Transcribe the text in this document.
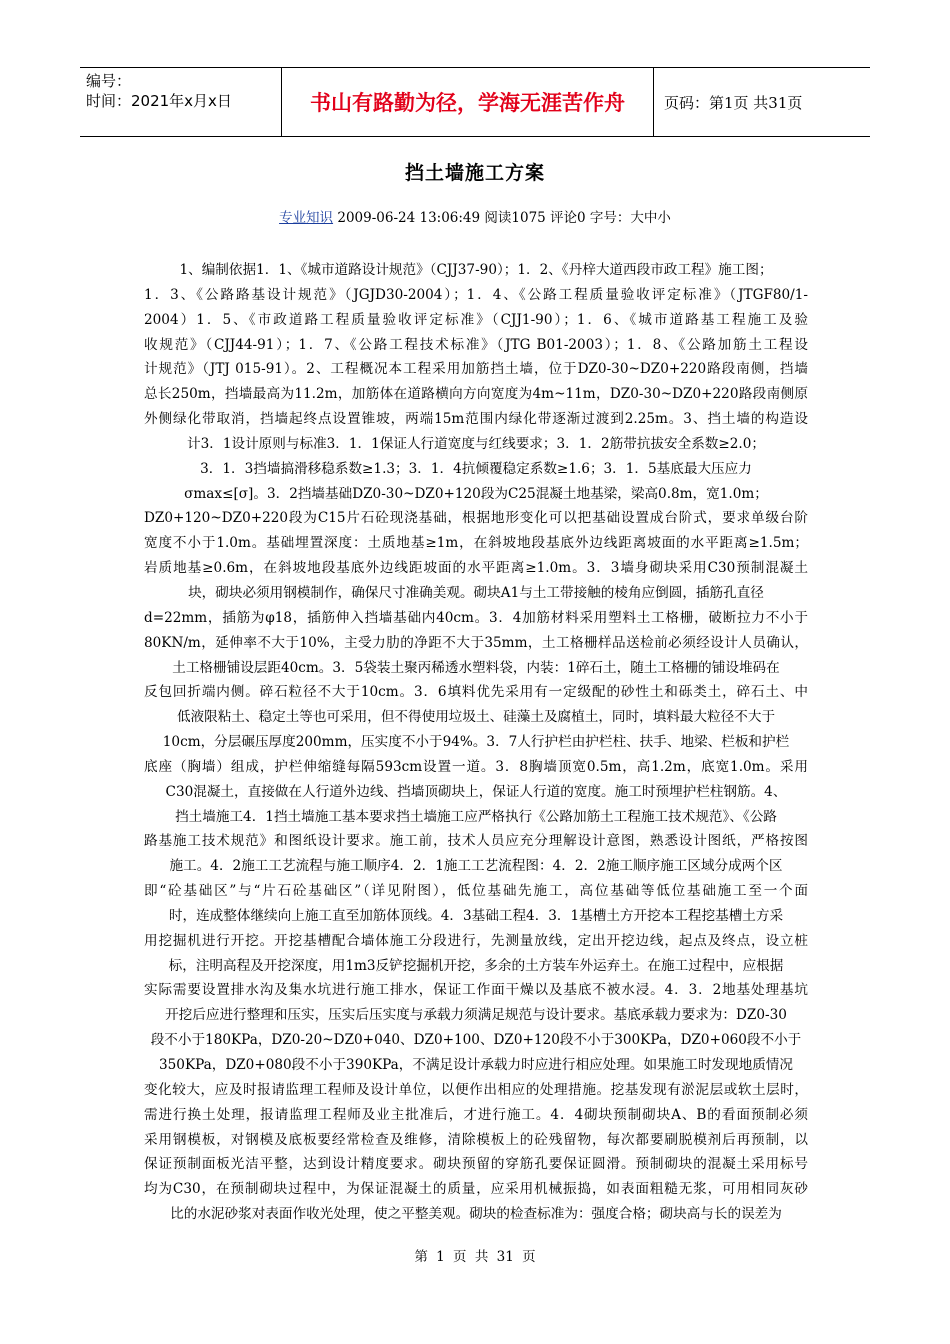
编号：
时间：2021年x月x日	书山有路勤为径，学海无涯苦作舟	页码：第1页 共31页
挡土墙施工方案
专业知识 2009-06-24 13:06:49 阅读1075 评论0 字号：大中小
1、编制依据1．1、《城市道路设计规范》（CJJ37-90）；1．2、《丹梓大道西段市政工程》施工图；
1．3、《公路路基设计规范》（JGJD30-2004）；1．4、《公路工程质量验收评定标准》（JTGF80/1-
2004）1．5、《市政道路工程质量验收评定标准》（CJJ1-90）；1．6、《城市道路基工程施工及验
收规范》（CJJ44-91）；1．7、《公路工程技术标准》（JTG B01-2003）；1．8、《公路加筋土工程设
计规范》（JTJ 015-91）。2、工程概况本工程采用加筋挡土墙，位于DZ0-30~DZ0+220路段南侧，挡墙
总长250m，挡墙最高为11.2m，加筋体在道路横向方向宽度为4m~11m，DZ0-30~DZ0+220路段南侧原
外侧绿化带取消，挡墙起终点设置锥坡，两端15m范围内绿化带逐渐过渡到2.25m。3、挡土墙的构造设
计3．1设计原则与标准3．1．1保证人行道宽度与红线要求；3．1．2筋带抗拔安全系数≥2.0；
3．1．3挡墙搞滑移稳系数≥1.3；3．1．4抗倾覆稳定系数≥1.6；3．1．5基底最大压应力
σmax≤[σ]。3．2挡墙基础DZ0-30~DZ0+120段为C25混凝土地基梁，梁高0.8m，宽1.0m；
DZ0+120~DZ0+220段为C15片石砼现浇基础，根据地形变化可以把基础设置成台阶式，要求单级台阶
宽度不小于1.0m。基础埋置深度：土质地基≥1m，在斜坡地段基底外边线距离坡面的水平距离≥1.5m；
岩质地基≥0.6m，在斜坡地段基底外边线距坡面的水平距离≥1.0m。3．3墙身砌块采用C30预制混凝土
块，砌块必须用钢模制作，确保尺寸准确美观。砌块A1与土工带接触的棱角应倒圆，插筋孔直径
d=22mm，插筋为φ18，插筋伸入挡墙基础内40cm。3．4加筋材料采用塑料土工格栅，破断拉力不小于
80KN/m，延伸率不大于10%，主受力肋的净距不大于35mm，土工格栅样品送检前必须经设计人员确认，
土工格栅铺设层距40cm。3．5袋装土聚丙稀透水塑料袋，内装：1碎石土，随土工格栅的铺设堆码在
反包回折端内侧。碎石粒径不大于10cm。3．6填料优先采用有一定级配的砂性土和砾类土，碎石土、中
低液限粘土、稳定土等也可采用，但不得使用垃圾土、硅藻土及腐植土，同时，填料最大粒径不大于
10cm，分层碾压厚度200mm，压实度不小于94%。3．7人行护栏由护栏柱、扶手、地梁、栏板和护栏
底座（胸墙）组成，护栏伸缩缝每隔593cm设置一道。3．8胸墙顶宽0.5m，高1.2m，底宽1.0m。采用
C30混凝土，直接做在人行道外边线、挡墙顶砌块上，保证人行道的宽度。施工时预埋护栏柱钢筋。4、
挡土墙施工4．1挡土墙施工基本要求挡土墙施工应严格执行《公路加筋土工程施工技术规范》、《公路
路基施工技术规范》和图纸设计要求。施工前，技术人员应充分理解设计意图，熟悉设计图纸，严格按图
施工。4．2施工工艺流程与施工顺序4．2．1施工工艺流程图：4．2．2施工顺序施工区域分成两个区
即“砼基础区”与“片石砼基础区”（详见附图），低位基础先施工，高位基础等低位基础施工至一个面
时，连成整体继续向上施工直至加筋体顶线。4．3基础工程4．3．1基槽土方开挖本工程挖基槽土方采
用挖掘机进行开挖。开挖基槽配合墙体施工分段进行，先测量放线，定出开挖边线，起点及终点，设立桩
标，注明高程及开挖深度，用1m3反铲挖掘机开挖，多余的土方装车外运弃土。在施工过程中，应根据
实际需要设置排水沟及集水坑进行施工排水，保证工作面干燥以及基底不被水浸。4．3．2地基处理基坑
开挖后应进行整理和压实，压实后压实度与承载力须满足规范与设计要求。基底承载力要求为：DZ0-30
段不小于180KPa，DZ0-20~DZ0+040、DZ0+100、DZ0+120段不小于300KPa，DZ0+060段不小于
350KPa，DZ0+080段不小于390KPa，不满足设计承载力时应进行相应处理。如果施工时发现地质情况
变化较大，应及时报请监理工程师及设计单位，以便作出相应的处理措施。挖基发现有淤泥层或软土层时，
需进行换土处理，报请监理工程师及业主批准后，才进行施工。4．4砌块预制砌块A、B的看面预制必须
采用钢模板，对钢模及底板要经常检查及维修，清除模板上的砼残留物，每次都要刷脱模剂后再预制，以
保证预制面板光洁平整，达到设计精度要求。砌块预留的穿筋孔要保证圆滑。预制砌块的混凝土采用标号
均为C30，在预制砌块过程中，为保证混凝土的质量，应采用机械振捣，如表面粗糙无浆，可用相同灰砂
比的水泥砂浆对表面作收光处理，使之平整美观。砌块的检查标准为：强度合格；砌块高与长的误差为
第 1 页 共 31 页
